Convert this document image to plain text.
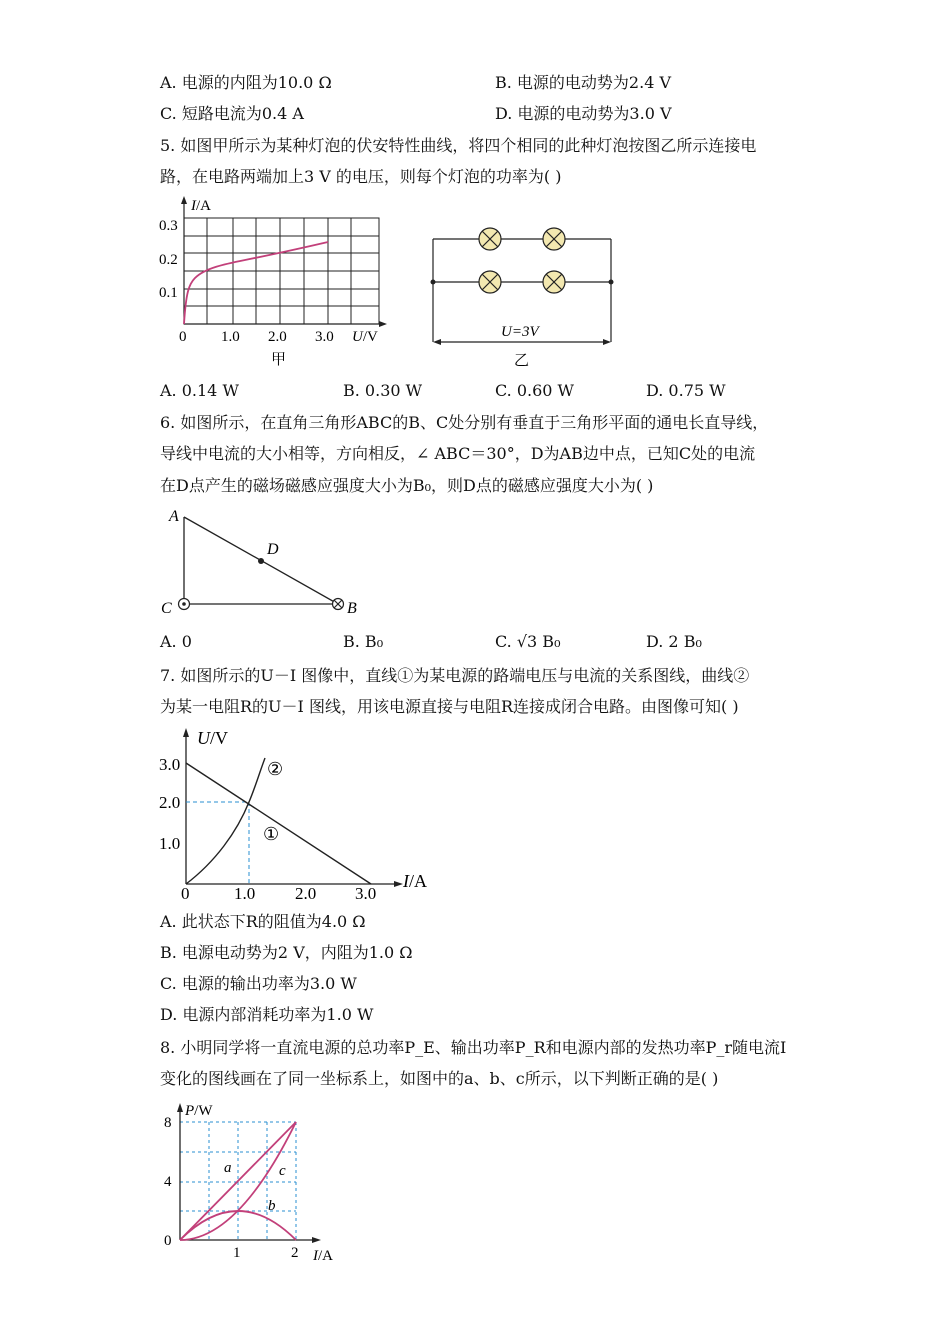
A. 电源的内阻为10.0 Ω	B. 电源的电动势为2.4 V
C. 短路电流为0.4 A	D. 电源的电动势为3.0 V
5. 如图甲所示为某种灯泡的伏安特性曲线，将四个相同的此种灯泡按图乙所示连接电
路，在电路两端加上3 V 的电压，则每个灯泡的功率为( )
I/A
0.3
0.2
0.1
0 1.0 2.0 3.0 U/V
甲
U=3V
乙
A. 0.14 W	B. 0.30 W	C. 0.60 W	D. 0.75 W
6. 如图所示，在直角三角形ABC的B、C处分别有垂直于三角形平面的通电长直导线，
导线中电流的大小相等，方向相反，∠ ABC＝30°，D为AB边中点，已知C处的电流
在D点产生的磁场磁感应强度大小为B₀，则D点的磁感应强度大小为( )
A
D
C	B
A. 0	B. B₀	C. √3 B₀	D. 2 B₀
7. 如图所示的U－I 图像中，直线①为某电源的路端电压与电流的关系图线，曲线②
为某一电阻R的U－I 图线，用该电源直接与电阻R连接成闭合电路。由图像可知( )
U/V
3.0
2.0
1.0
0	1.0 2.0 3.0
I/A
①
②
A. 此状态下R的阻值为4.0 Ω
B. 电源电动势为2 V，内阻为1.0 Ω
C. 电源的输出功率为3.0 W
D. 电源内部消耗功率为1.0 W
8. 小明同学将一直流电源的总功率P_E、输出功率P_R和电源内部的发热功率P_r随电流I
变化的图线画在了同一坐标系上，如图中的a、b、c所示，以下判断正确的是( )
P/W
8
4
0
1	2 I/A
a	c
b
